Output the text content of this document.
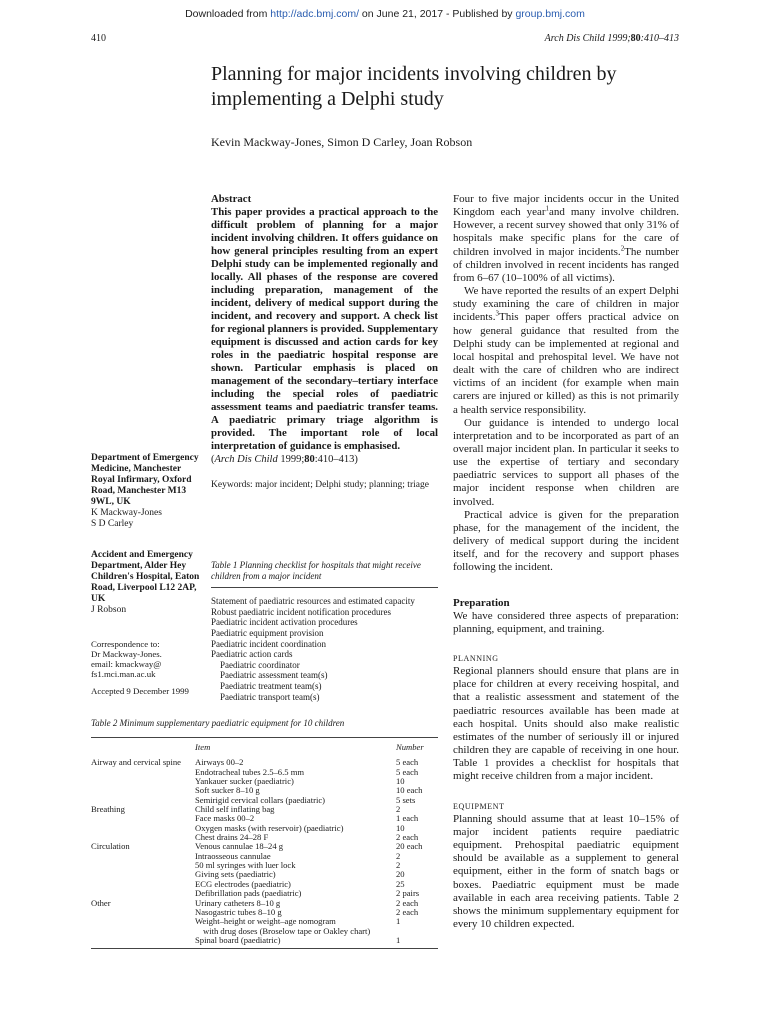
Downloaded from http://adc.bmj.com/ on June 21, 2017 - Published by group.bmj.com
410	Arch Dis Child 1999;80:410–413
Planning for major incidents involving children by implementing a Delphi study
Kevin Mackway-Jones, Simon D Carley, Joan Robson
Abstract
This paper provides a practical approach to the difficult problem of planning for a major incident involving children. It offers guidance on how general principles resulting from an expert Delphi study can be implemented regionally and locally. All phases of the response are covered including preparation, management of the incident, delivery of medical support during the incident, and recovery and support. A check list for regional planners is provided. Supplementary equipment is discussed and action cards for key roles in the paediatric hospital response are shown. Particular emphasis is placed on management of the secondary–tertiary interface including the special roles of paediatric assessment teams and paediatric transfer teams. A paediatric primary triage algorithm is provided. The important role of local interpretation of guidance is emphasised.
(Arch Dis Child 1999;80:410–413)
Keywords: major incident; Delphi study; planning; triage
Department of Emergency Medicine, Manchester Royal Infirmary, Oxford Road, Manchester M13 9WL, UK
K Mackway-Jones
S D Carley
Accident and Emergency Department, Alder Hey Children's Hospital, Eaton Road, Liverpool L12 2AP, UK
J Robson
Correspondence to:
Dr Mackway-Jones.
email: kmackway@
fs1.mci.man.ac.uk
Accepted 9 December 1999
Table 1 Planning checklist for hospitals that might receive children from a major incident
Statement of paediatric resources and estimated capacity
Robust paediatric incident notification procedures
Paediatric incident activation procedures
Paediatric equipment provision
Paediatric incident coordination
Paediatric action cards
Paediatric coordinator
Paediatric assessment team(s)
Paediatric treatment team(s)
Paediatric transport team(s)
Table 2 Minimum supplementary paediatric equipment for 10 children
	Item	Number
Airway and cervical spine	Airways 00–2	5 each
	Endotracheal tubes 2.5–6.5 mm	5 each
	Yankauer sucker (paediatric)	10
	Soft sucker 8–10 g	10 each
	Semirigid cervical collars (paediatric)	5 sets
Breathing	Child self inflating bag	2
	Face masks 00–2	1 each
	Oxygen masks (with reservoir) (paediatric)	10
	Chest drains 24–28 F	2 each
Circulation	Venous cannulae 18–24 g	20 each
	Intraosseous cannulae	2
	50 ml syringes with luer lock	2
	Giving sets (paediatric)	20
	ECG electrodes (paediatric)	25
	Defibrillation pads (paediatric)	2 pairs
Other	Urinary catheters 8–10 g	2 each
	Nasogastric tubes 8–10 g	2 each
	Weight–height or weight–age nomogram	1
	with drug doses (Broselow tape or Oakley chart)	
	Spinal board (paediatric)	1

Four to five major incidents occur in the United Kingdom each year$^1$and many involve children. However, a recent survey showed that only 31% of hospitals make specific plans for the care of children involved in major incidents.$^2$The number of children involved in recent incidents has ranged from 6–67 (10–100% of all victims).

We have reported the results of an expert Delphi study examining the care of children in major incidents.$^3$This paper offers practical advice on how general guidance that resulted from the Delphi study can be implemented at regional and local hospital and prehospital level. We have not dealt with the care of children who are indirect victims of an incident (for example when main carers are injured or killed) as this is not primarily a health service responsibility.

Our guidance is intended to undergo local interpretation and to be incorporated as part of an overall major incident plan. In particular it seeks to use the expertise of tertiary and secondary paediatric services to support all phases of the major incident response when children are involved.

Practical advice is given for the preparation phase, for the management of the incident, the delivery of medical support during the incident itself, and for the recovery and support phases following the incident.

Preparation

We have considered three aspects of preparation: planning, equipment, and training.

PLANNING

Regional planners should ensure that plans are in place for children at every receiving hospital, and that a realistic assessment and statement of the paediatric resources available has been made at each hospital. Units should also make realistic estimates of the number of seriously ill or injured children they are capable of receiving in one hour. Table 1 provides a checklist for hospitals that might receive children from a major incident.

EQUIPMENT

Planning should assume that at least 10–15% of major incident patients require paediatric equipment. Prehospital paediatric equipment should be available as a supplement to general equipment, either in the form of snatch bags or boxes. Paediatric equipment must be made available in each area receiving patients. Table 2 shows the minimum supplementary equipment for every 10 children expected.
